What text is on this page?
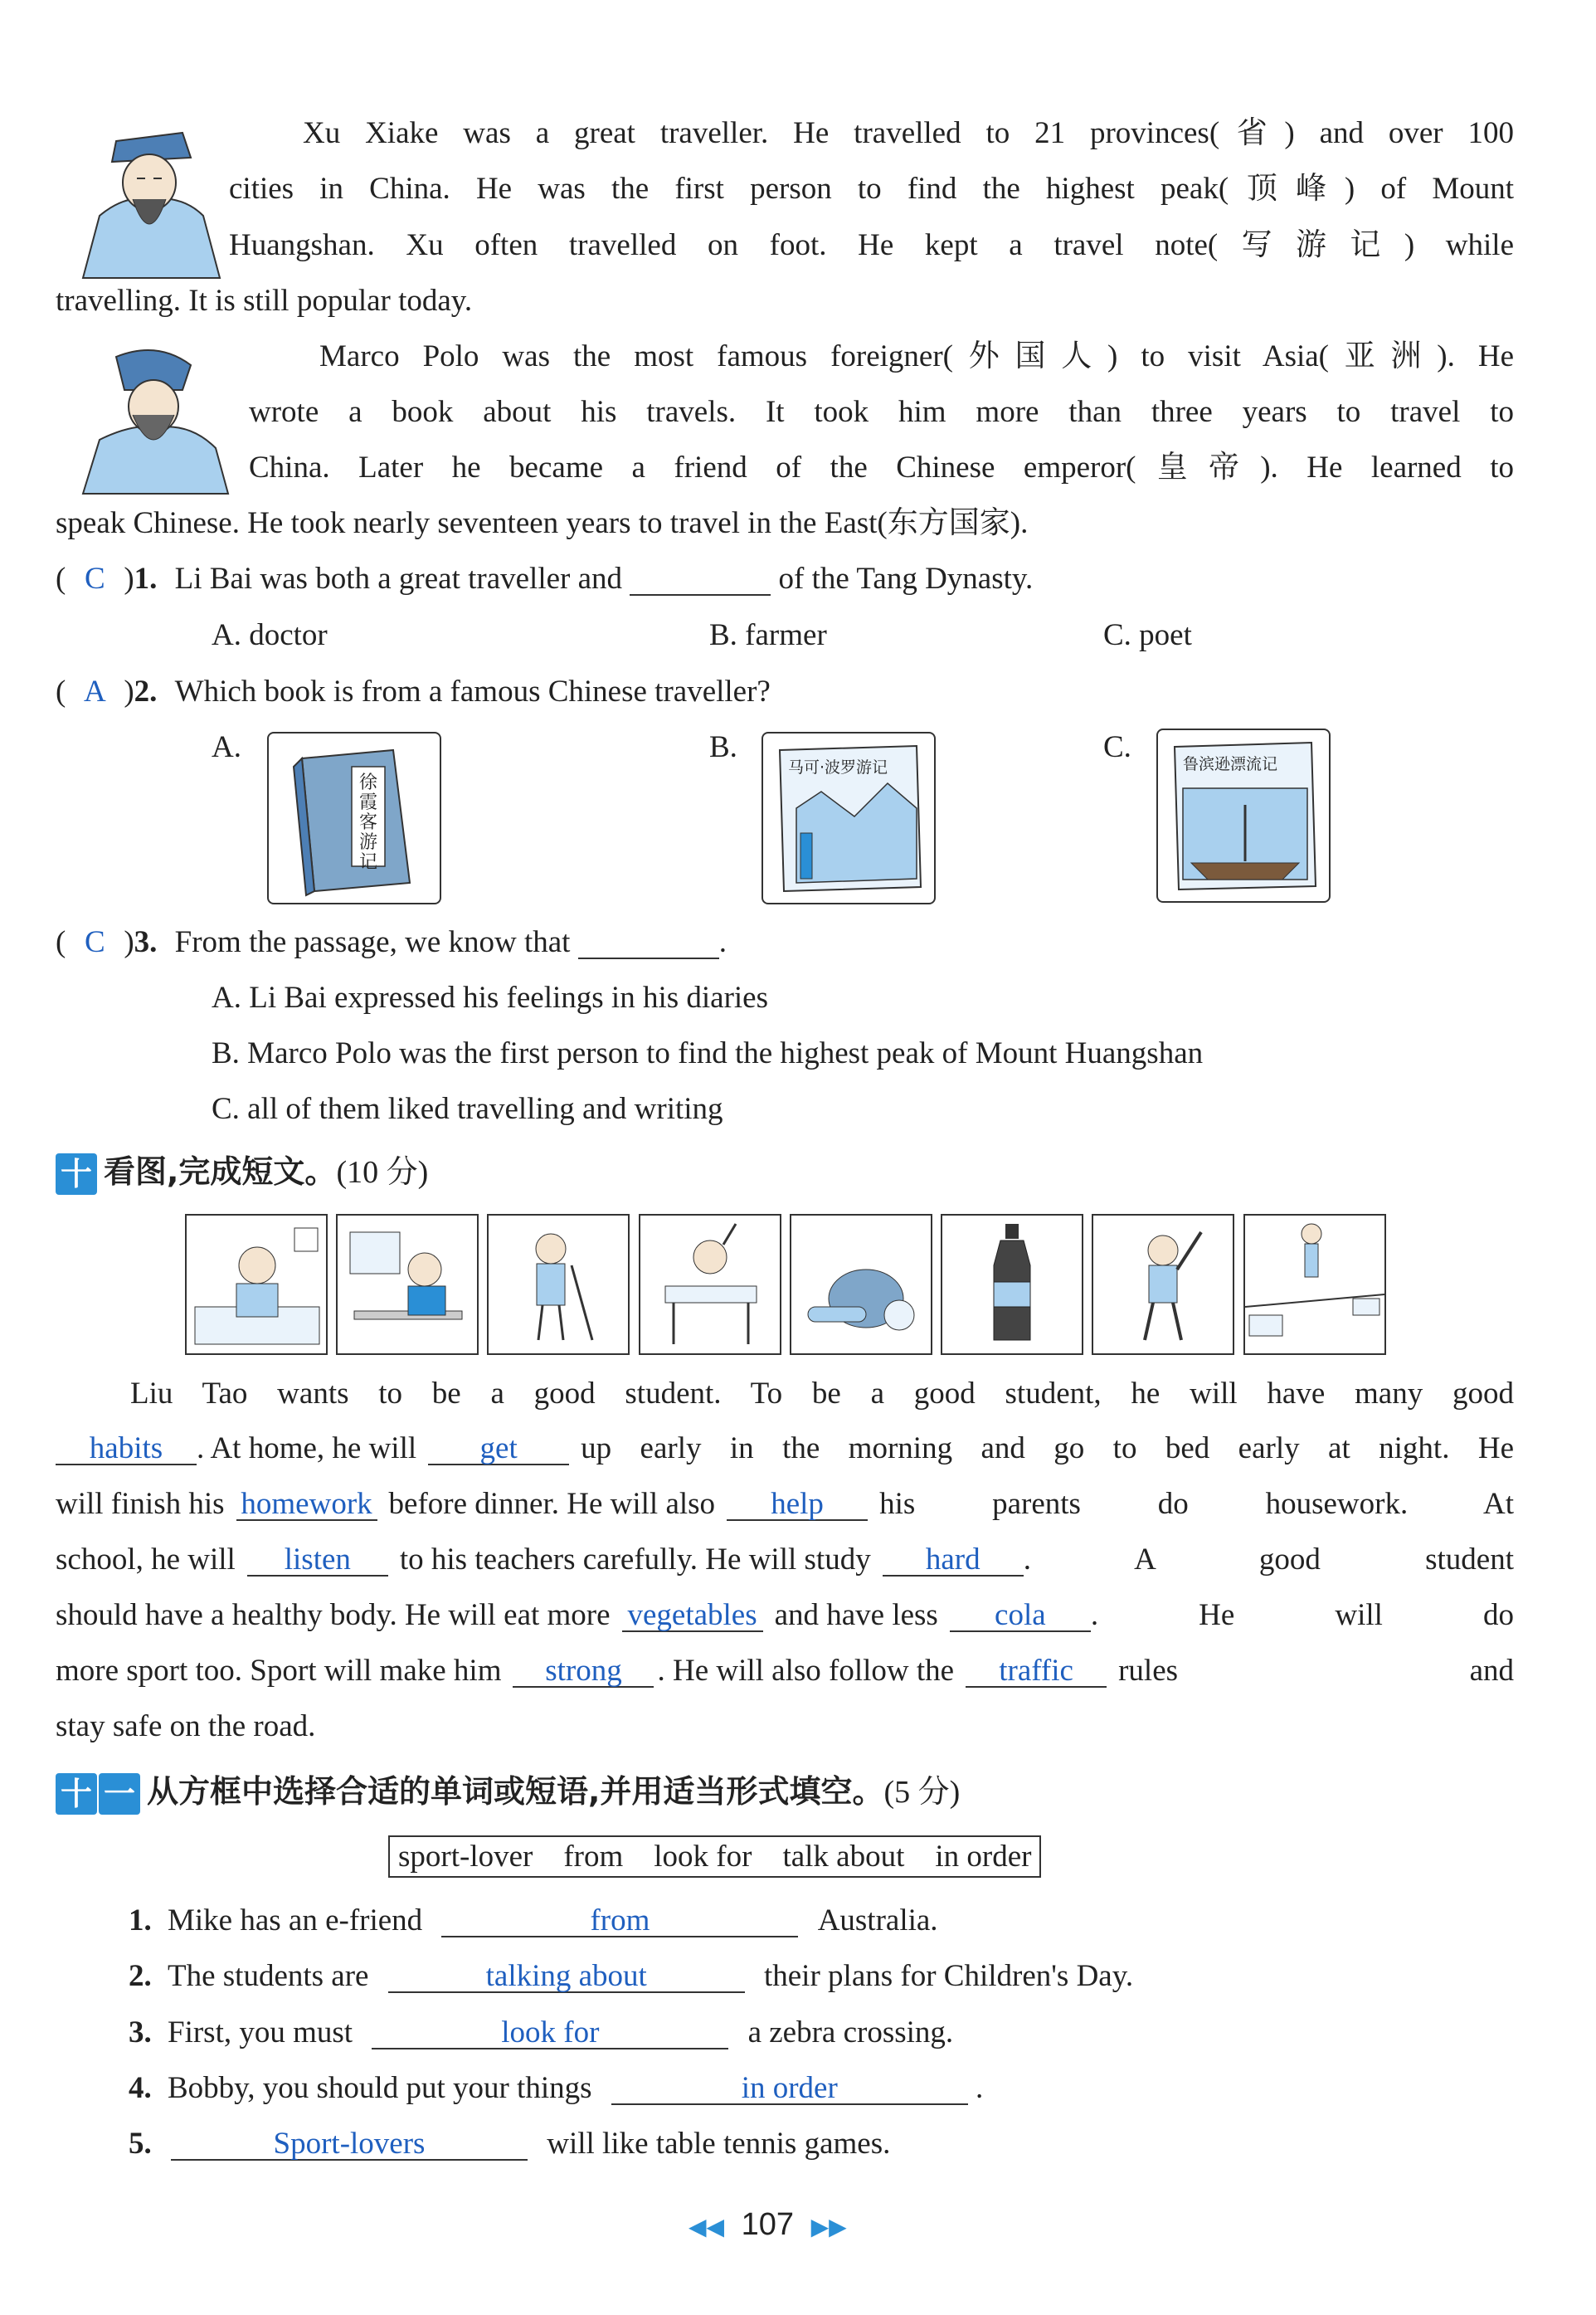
Xu Xiake was a great traveller. He travelled to 21 provinces(省) and over 100
cities in China. He was the first person to find the highest peak(顶峰) of Mount
Huangshan. Xu often travelled on foot. He kept a travel note(写游记) while
travelling. It is still popular today.
Marco Polo was the most famous foreigner(外国人) to visit Asia(亚洲). He
wrote a book about his travels. It took him more than three years to travel to
China. Later he became a friend of the Chinese emperor(皇帝). He learned to
speak Chinese. He took nearly seventeen years to travel in the East(东方国家).
( C )1. Li Bai was both a great traveller and	of the Tang Dynasty.
A. doctor	B. farmer	C. poet
( A )2. Which book is from a famous Chinese traveller?
A.	B.	C.
徐霞客游记
马可·波罗游记	鲁滨逊漂流记
( C )3. From the passage, we know that	.
A. Li Bai expressed his feelings in his diaries
B. Marco Polo was the first person to find the highest peak of Mount Huangshan
C. all of them liked travelling and writing
十 看图,完成短文。(10 分)
Liu Tao wants to be a good student. To be a good student, he will have many good
habits	. At home, he will	get	up early in the morning and go to bed early at night. He
will finish his homework before dinner. He will also	help	his parents do housework. At
school, he will	listen	to his teachers carefully. He will study	hard	. A good student
should have a healthy body. He will eat more vegetables and have less	cola	. He will do
more sport too. Sport will make him	strong	. He will also follow the	traffic	rules and
stay safe on the road.
十 一 从方框中选择合适的单词或短语,并用适当形式填空。(5 分)
sport-lover    from    look for    talk about    in order
1. Mike has an e-friend	from	Australia.
2. The students are	talking about	their plans for Children's Day.
3. First, you must	look for	a zebra crossing.
4. Bobby, you should put your things	in order	.
5.	Sport-lovers	will like table tennis games.
◀◀ 107 ▶▶
